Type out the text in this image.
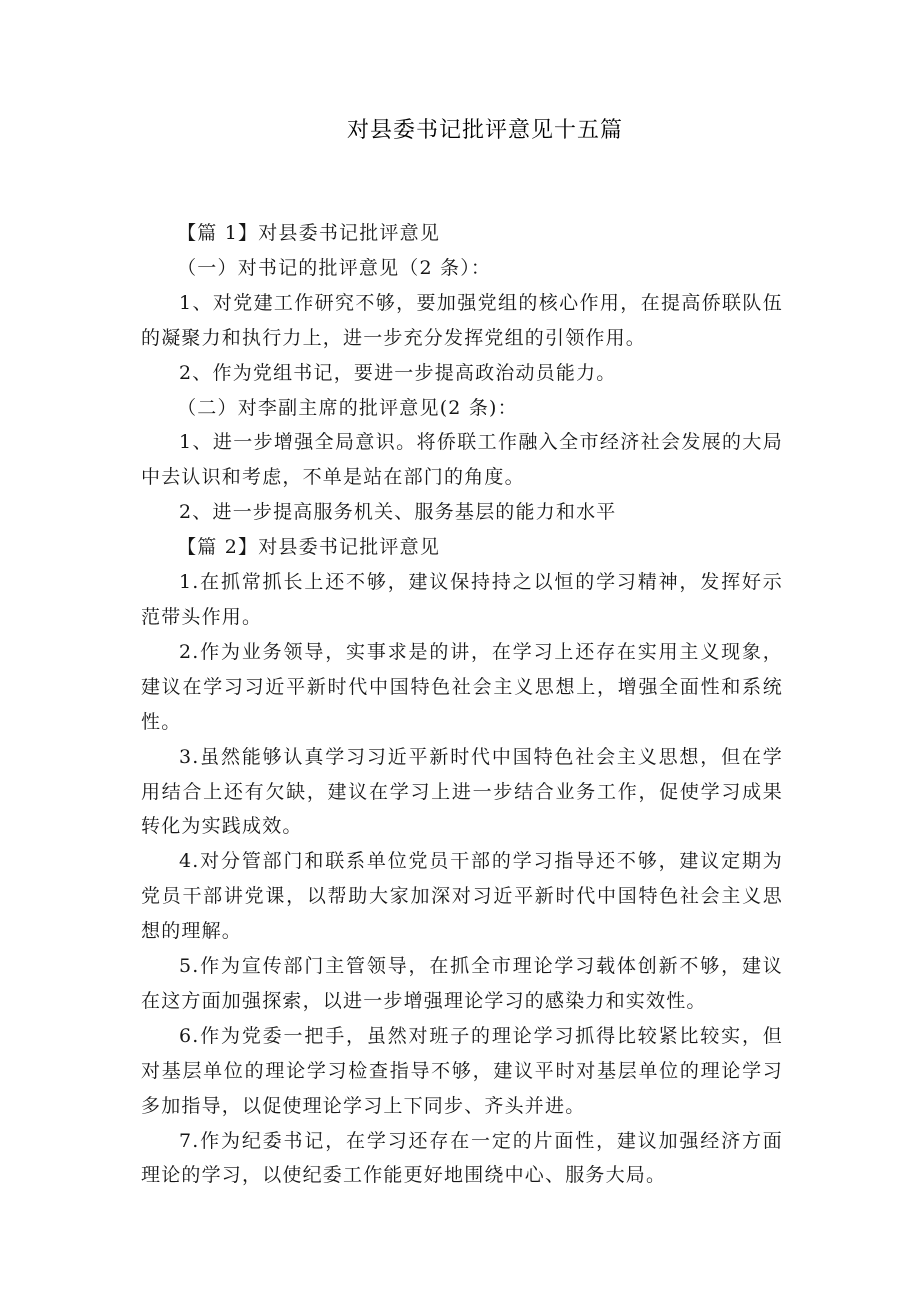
对县委书记批评意见十五篇

【篇 1】对县委书记批评意见

（一）对书记的批评意见（2 条）：

1、对党建工作研究不够，要加强党组的核心作用，在提高侨联队伍的凝聚力和执行力上，进一步充分发挥党组的引领作用。

2、作为党组书记，要进一步提高政治动员能力。

（二）对李副主席的批评意见(2 条)：

1、进一步增强全局意识。将侨联工作融入全市经济社会发展的大局中去认识和考虑，不单是站在部门的角度。

2、进一步提高服务机关、服务基层的能力和水平

【篇 2】对县委书记批评意见

1.在抓常抓长上还不够，建议保持持之以恒的学习精神，发挥好示范带头作用。

2.作为业务领导，实事求是的讲，在学习上还存在实用主义现象，建议在学习习近平新时代中国特色社会主义思想上，增强全面性和系统性。

3.虽然能够认真学习习近平新时代中国特色社会主义思想，但在学用结合上还有欠缺，建议在学习上进一步结合业务工作，促使学习成果转化为实践成效。

4.对分管部门和联系单位党员干部的学习指导还不够，建议定期为党员干部讲党课，以帮助大家加深对习近平新时代中国特色社会主义思想的理解。

5.作为宣传部门主管领导，在抓全市理论学习载体创新不够，建议在这方面加强探索，以进一步增强理论学习的感染力和实效性。

6.作为党委一把手，虽然对班子的理论学习抓得比较紧比较实，但对基层单位的理论学习检查指导不够，建议平时对基层单位的理论学习多加指导，以促使理论学习上下同步、齐头并进。

7.作为纪委书记，在学习还存在一定的片面性，建议加强经济方面理论的学习，以使纪委工作能更好地围绕中心、服务大局。
